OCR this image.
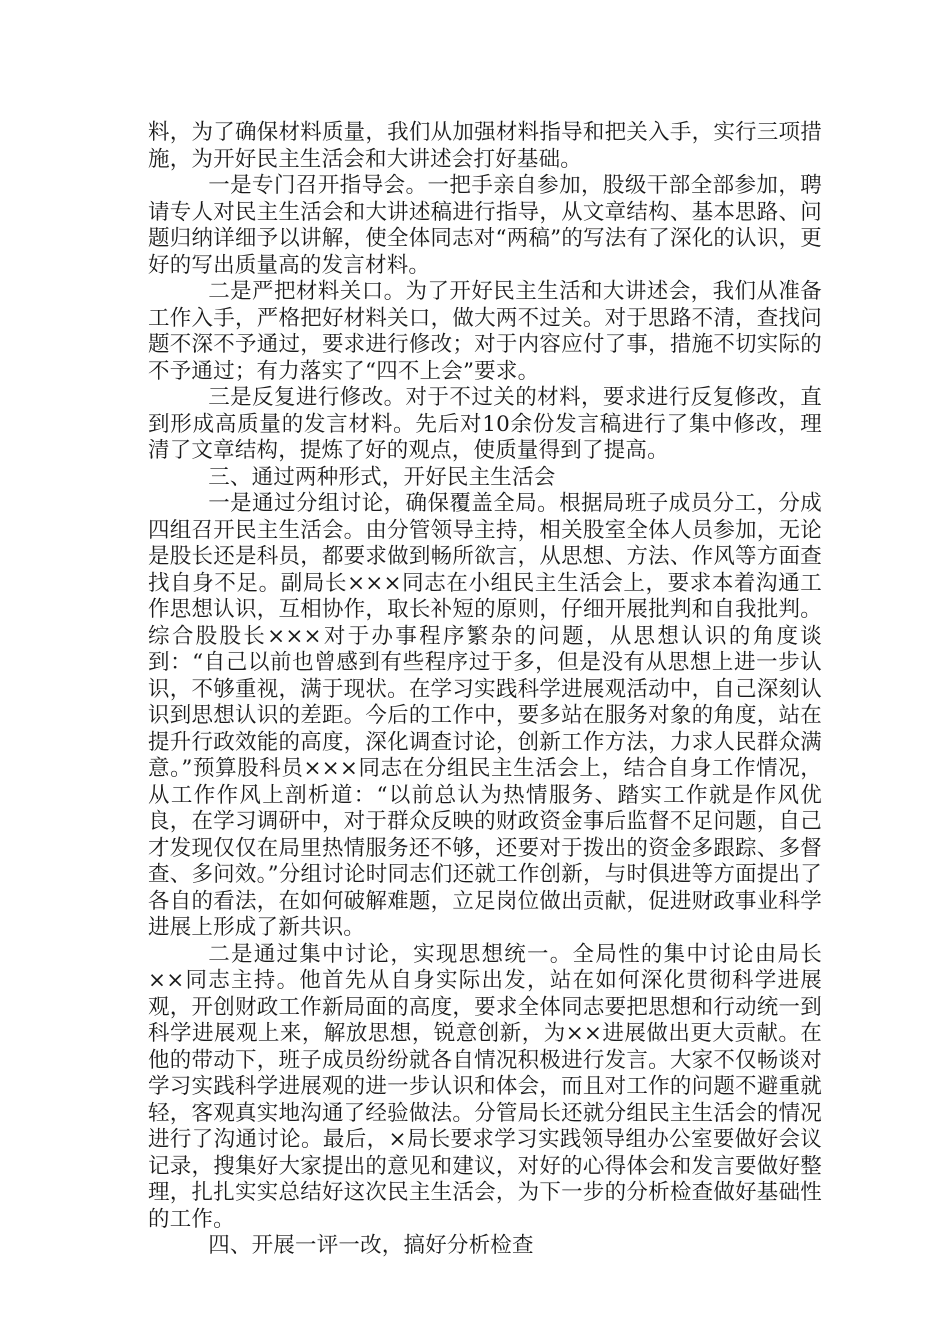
料，为了确保材料质量，我们从加强材料指导和把关入手，实行三项措施，为开好民主生活会和大讲述会打好基础。

一是专门召开指导会。一把手亲自参加，股级干部全部参加，聘请专人对民主生活会和大讲述稿进行指导，从文章结构、基本思路、问题归纳详细予以讲解，使全体同志对“两稿”的写法有了深化的认识，更好的写出质量高的发言材料。

二是严把材料关口。为了开好民主生活和大讲述会，我们从准备工作入手，严格把好材料关口，做大两不过关。对于思路不清，查找问题不深不予通过，要求进行修改；对于内容应付了事，措施不切实际的不予通过；有力落实了“四不上会”要求。

三是反复进行修改。对于不过关的材料，要求进行反复修改，直到形成高质量的发言材料。先后对10余份发言稿进行了集中修改，理清了文章结构，提炼了好的观点，使质量得到了提高。

三、通过两种形式，开好民主生活会

一是通过分组讨论，确保覆盖全局。根据局班子成员分工，分成四组召开民主生活会。由分管领导主持，相关股室全体人员参加，无论是股长还是科员，都要求做到畅所欲言，从思想、方法、作风等方面查找自身不足。副局长×××同志在小组民主生活会上，要求本着沟通工作思想认识，互相协作，取长补短的原则，仔细开展批判和自我批判。综合股股长×××对于办事程序繁杂的问题，从思想认识的角度谈到：“自己以前也曾感到有些程序过于多，但是没有从思想上进一步认识，不够重视，满于现状。在学习实践科学进展观活动中，自己深刻认识到思想认识的差距。今后的工作中，要多站在服务对象的角度，站在提升行政效能的高度，深化调查讨论，创新工作方法，力求人民群众满意。”预算股科员×××同志在分组民主生活会上，结合自身工作情况，从工作作风上剖析道：“以前总认为热情服务、踏实工作就是作风优良，在学习调研中，对于群众反映的财政资金事后监督不足问题，自己才发现仅仅在局里热情服务还不够，还要对于拨出的资金多跟踪、多督查、多问效。”分组讨论时同志们还就工作创新，与时俱进等方面提出了各自的看法，在如何破解难题，立足岗位做出贡献，促进财政事业科学进展上形成了新共识。

二是通过集中讨论，实现思想统一。全局性的集中讨论由局长××同志主持。他首先从自身实际出发，站在如何深化贯彻科学进展观，开创财政工作新局面的高度，要求全体同志要把思想和行动统一到科学进展观上来，解放思想，锐意创新，为××进展做出更大贡献。在他的带动下，班子成员纷纷就各自情况积极进行发言。大家不仅畅谈对学习实践科学进展观的进一步认识和体会，而且对工作的问题不避重就轻，客观真实地沟通了经验做法。分管局长还就分组民主生活会的情况进行了沟通讨论。最后，×局长要求学习实践领导组办公室要做好会议记录，搜集好大家提出的意见和建议，对好的心得体会和发言要做好整理，扎扎实实总结好这次民主生活会，为下一步的分析检查做好基础性的工作。

四、开展一评一改，搞好分析检查
